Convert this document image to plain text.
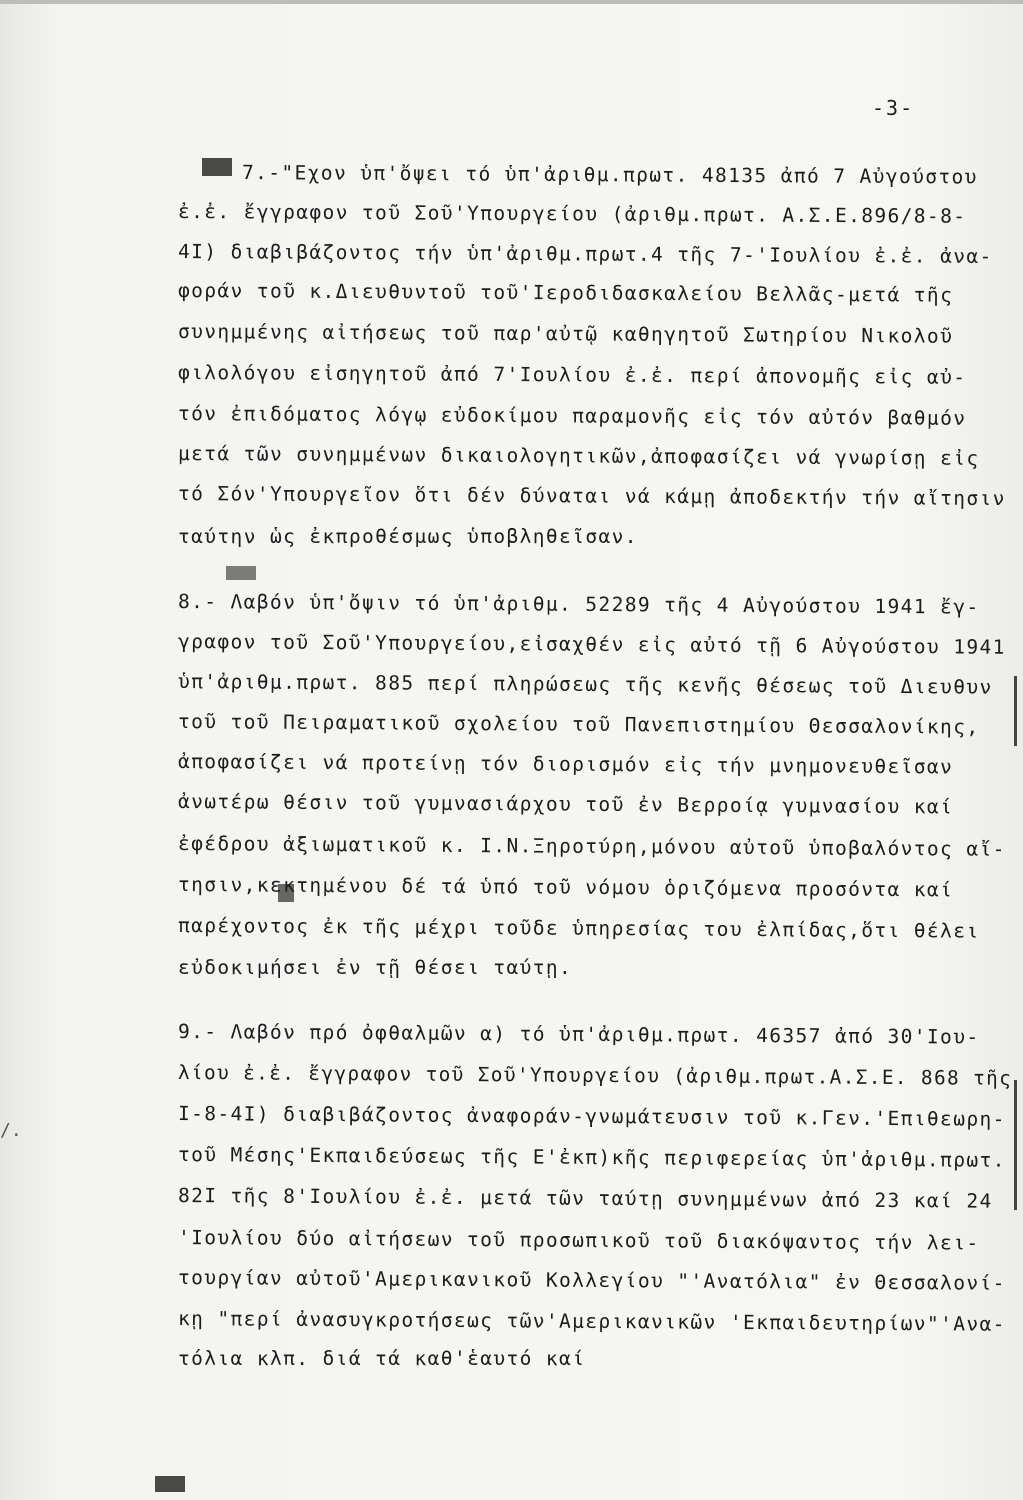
-3-
/.
7.-"Εχον ὑπ'ὄψει τό ὑπ'ἀριθμ.πρωτ. 48135 ἀπό 7 Αὐγούστου
ἐ.ἐ. ἔγγραφον τοῦ Σοῦ'Υπουργείου (ἀριθμ.πρωτ. Α.Σ.Ε.896/8-8-
4Ι) διαβιβάζοντος τήν ὑπ'ἀριθμ.πρωτ.4 τῆς 7-'Ιουλίου ἐ.ἐ. ἀνα-
φοράν τοῦ κ.Διευθυντοῦ τοῦ'Ιεροδιδασκαλείου Βελλᾶς-μετά τῆς
συνημμένης αἰτήσεως τοῦ παρ'αὐτῷ καθηγητοῦ Σωτηρίου Νικολοῦ
φιλολόγου εἰσηγητοῦ ἀπό 7'Ιουλίου ἐ.ἐ. περί ἀπονομῆς εἰς αὐ-
τόν ἐπιδόματος λόγῳ εὐδοκίμου παραμονῆς εἰς τόν αὐτόν βαθμόν
μετά τῶν συνημμένων δικαιολογητικῶν,ἀποφασίζει νά γνωρίσῃ εἰς
τό Σόν'Υπουργεῖον ὅτι δέν δύναται νά κάμῃ ἀποδεκτήν τήν αἴτησιν
ταύτην ὡς ἐκπροθέσμως ὑποβληθεῖσαν.
8.- Λαβόν ὑπ'ὄψιν τό ὑπ'ἀριθμ. 52289 τῆς 4 Αὐγούστου 1941 ἔγ-
γραφον τοῦ Σοῦ'Υπουργείου,εἰσαχθέν εἰς αὐτό τῇ 6 Αὐγούστου 1941
ὑπ'ἀριθμ.πρωτ. 885 περί πληρώσεως τῆς κενῆς θέσεως τοῦ Διευθυν
τοῦ τοῦ Πειραματικοῦ σχολείου τοῦ Πανεπιστημίου Θεσσαλονίκης,
ἀποφασίζει νά προτείνῃ τόν διορισμόν εἰς τήν μνημονευθεῖσαν
ἀνωτέρω θέσιν τοῦ γυμνασιάρχου τοῦ ἐν Βερροίᾳ γυμνασίου καί
ἐφέδρου ἀξιωματικοῦ κ. Ι.Ν.Ξηροτύρη,μόνου αὐτοῦ ὑποβαλόντος αἴ-
τησιν,κεκτημένου δέ τά ὑπό τοῦ νόμου ὁριζόμενα προσόντα καί
παρέχοντος ἐκ τῆς μέχρι τοῦδε ὑπηρεσίας του ἐλπίδας,ὅτι θέλει
εὐδοκιμήσει ἐν τῇ θέσει ταύτῃ.
9.- Λαβόν πρό ὀφθαλμῶν α) τό ὑπ'ἀριθμ.πρωτ. 46357 ἀπό 30'Ιου-
λίου ἐ.ἐ. ἔγγραφον τοῦ Σοῦ'Υπουργείου (ἀριθμ.πρωτ.Α.Σ.Ε. 868 τῆς
Ι-8-4Ι) διαβιβάζοντος ἀναφοράν-γνωμάτευσιν τοῦ κ.Γεν.'Επιθεωρη-
τοῦ Μέσης'Εκπαιδεύσεως τῆς Ε'ἐκπ)κῆς περιφερείας ὑπ'ἀριθμ.πρωτ.
82Ι τῆς 8'Ιουλίου ἐ.ἐ. μετά τῶν ταύτῃ συνημμένων ἀπό 23 καί 24
'Ιουλίου δύο αἰτήσεων τοῦ προσωπικοῦ τοῦ διακόψαντος τήν λει-
τουργίαν αὐτοῦ'Αμερικανικοῦ Κολλεγίου "'Ανατόλια" ἐν Θεσσαλονί-
κῃ "περί ἀνασυγκροτήσεως τῶν'Αμερικανικῶν 'Εκπαιδευτηρίων"'Ανα-
τόλια κλπ. διά τά καθ'ἑαυτό καί
